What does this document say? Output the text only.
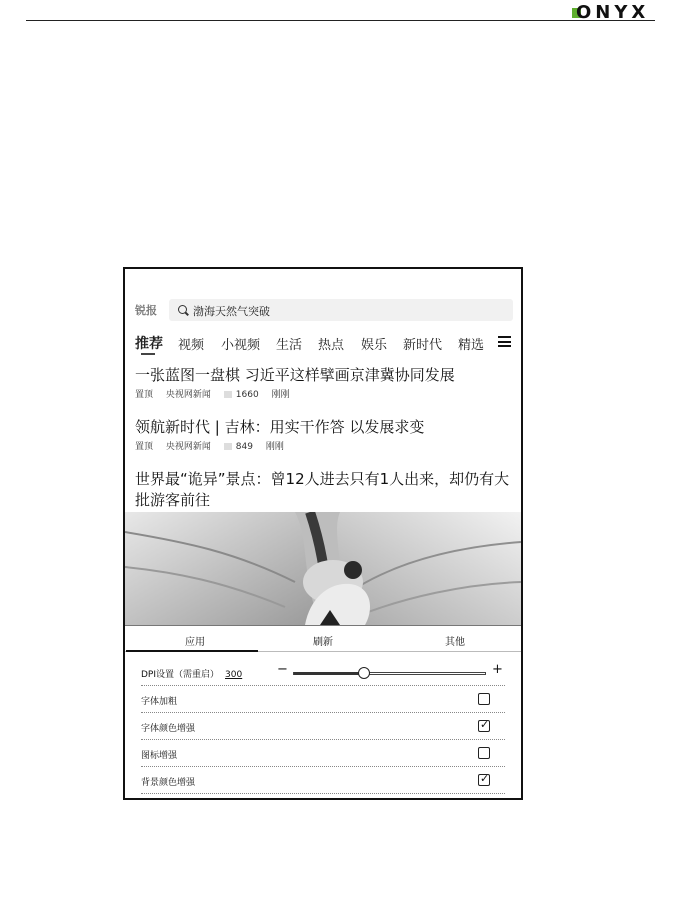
ONYX
锐报	渤海天然气突破
推荐 视频 小视频 生活 热点 娱乐 新时代 精选
一张蓝图一盘棋 习近平这样擘画京津冀协同发展
置顶 央视网新闻	1660 刚刚
领航新时代 | 吉林：用实干作答 以发展求变
置顶 央视网新闻	849 刚刚
世界最“诡异”景点：曾12人进去只有1人出来，却仍有大批游客前往
应用	刷新	其他
DPI设置（需重启） 300	−	+
字体加粗
字体颜色增强	✓
图标增强
背景颜色增强	✓
